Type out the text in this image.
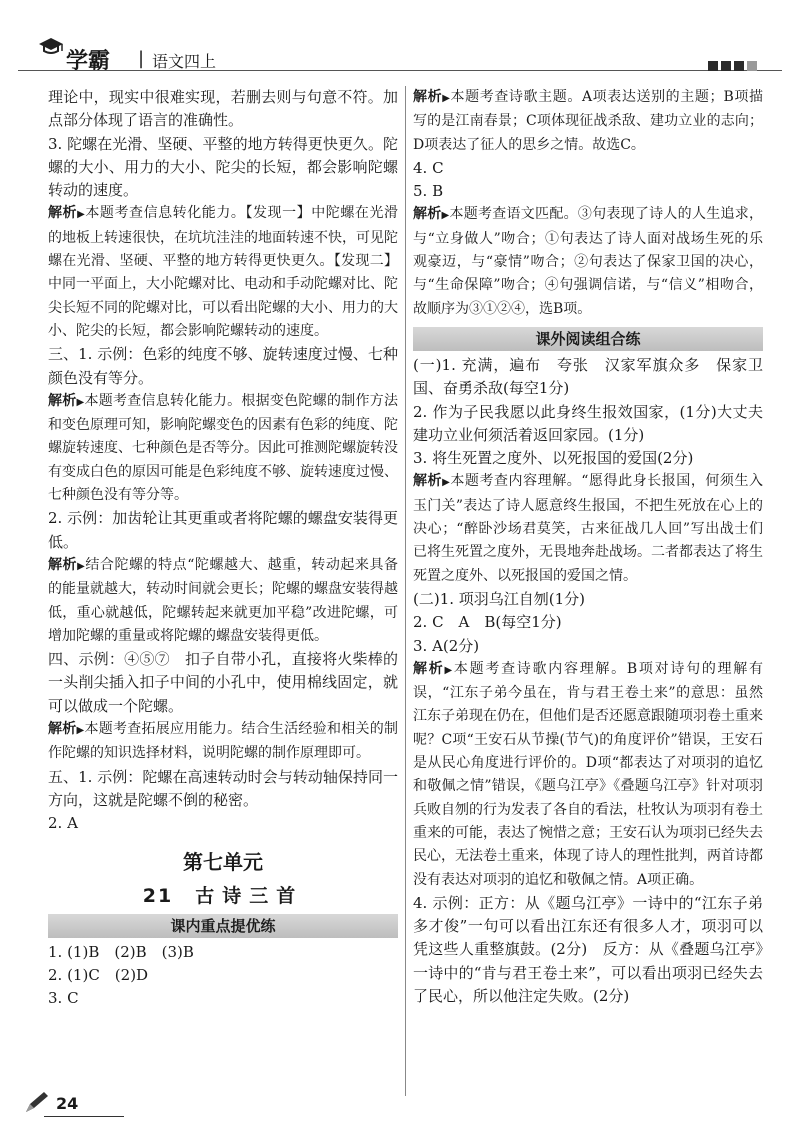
学霸 | 语文四上

理论中，现实中很难实现，若删去则与句意不符。加点部分体现了语言的准确性。

3. 陀螺在光滑、坚硬、平整的地方转得更快更久。陀螺的大小、用力的大小、陀尖的长短，都会影响陀螺转动的速度。

解析▶本题考查信息转化能力。【发现一】中陀螺在光滑的地板上转速很快，在坑坑洼洼的地面转速不快，可见陀螺在光滑、坚硬、平整的地方转得更快更久。【发现二】中同一平面上，大小陀螺对比、电动和手动陀螺对比、陀尖长短不同的陀螺对比，可以看出陀螺的大小、用力的大小、陀尖的长短，都会影响陀螺转动的速度。

三、1. 示例：色彩的纯度不够、旋转速度过慢、七种颜色没有等分。

解析▶本题考查信息转化能力。根据变色陀螺的制作方法和变色原理可知，影响陀螺变色的因素有色彩的纯度、陀螺旋转速度、七种颜色是否等分。因此可推测陀螺旋转没有变成白色的原因可能是色彩纯度不够、旋转速度过慢、七种颜色没有等分等。

2. 示例：加齿轮让其更重或者将陀螺的螺盘安装得更低。

解析▶结合陀螺的特点“陀螺越大、越重，转动起来具备的能量就越大，转动时间就会更长；陀螺的螺盘安装得越低，重心就越低，陀螺转起来就更加平稳”改进陀螺，可增加陀螺的重量或将陀螺的螺盘安装得更低。

四、示例：④⑤⑦　扣子自带小孔，直接将火柴棒的一头削尖插入扣子中间的小孔中，使用棉线固定，就可以做成一个陀螺。

解析▶本题考查拓展应用能力。结合生活经验和相关的制作陀螺的知识选择材料，说明陀螺的制作原理即可。

五、1. 示例：陀螺在高速转动时会与转动轴保持同一方向，这就是陀螺不倒的秘密。

2. A

第七单元
21 古诗三首
课内重点提优练

1. (1)B　(2)B　(3)B

2. (1)C　(2)D

3. C

解析▶本题考查诗歌主题。A项表达送别的主题；B项描写的是江南春景；C项体现征战杀敌、建功立业的志向；D项表达了征人的思乡之情。故选C。

4. C

5. B

解析▶本题考查语文匹配。③句表现了诗人的人生追求，与“立身做人”吻合；①句表达了诗人面对战场生死的乐观豪迈，与“豪情”吻合；②句表达了保家卫国的决心，与“生命保障”吻合；④句强调信诺，与“信义”相吻合，故顺序为③①②④，选B项。

课外阅读组合练

(一)1. 充满，遍布　夸张　汉家军旗众多　保家卫国、奋勇杀敌(每空1分)

2. 作为子民我愿以此身终生报效国家，(1分)大丈夫建功立业何须活着返回家园。(1分)

3. 将生死置之度外、以死报国的爱国(2分)

解析▶本题考查内容理解。“愿得此身长报国，何须生入玉门关”表达了诗人愿意终生报国，不把生死放在心上的决心；“醉卧沙场君莫笑，古来征战几人回”写出战士们已将生死置之度外，无畏地奔赴战场。二者都表达了将生死置之度外、以死报国的爱国之情。

(二)1. 项羽乌江自刎(1分)

2. C　A　B(每空1分)

3. A(2分)

解析▶本题考查诗歌内容理解。B项对诗句的理解有误，“江东子弟今虽在，肯与君王卷土来”的意思：虽然江东子弟现在仍在，但他们是否还愿意跟随项羽卷土重来呢？C项“王安石从节操(节气)的角度评价”错误，王安石是从民心角度进行评价的。D项“都表达了对项羽的追忆和敬佩之情”错误，《题乌江亭》《叠题乌江亭》针对项羽兵败自刎的行为发表了各自的看法，杜牧认为项羽有卷土重来的可能，表达了惋惜之意；王安石认为项羽已经失去民心，无法卷土重来，体现了诗人的理性批判，两首诗都没有表达对项羽的追忆和敬佩之情。A项正确。

4. 示例：正方：从《题乌江亭》一诗中的“江东子弟多才俊”一句可以看出江东还有很多人才，项羽可以凭这些人重整旗鼓。(2分)　反方：从《叠题乌江亭》一诗中的“肯与君王卷土来”，可以看出项羽已经失去了民心，所以他注定失败。(2分)

24
